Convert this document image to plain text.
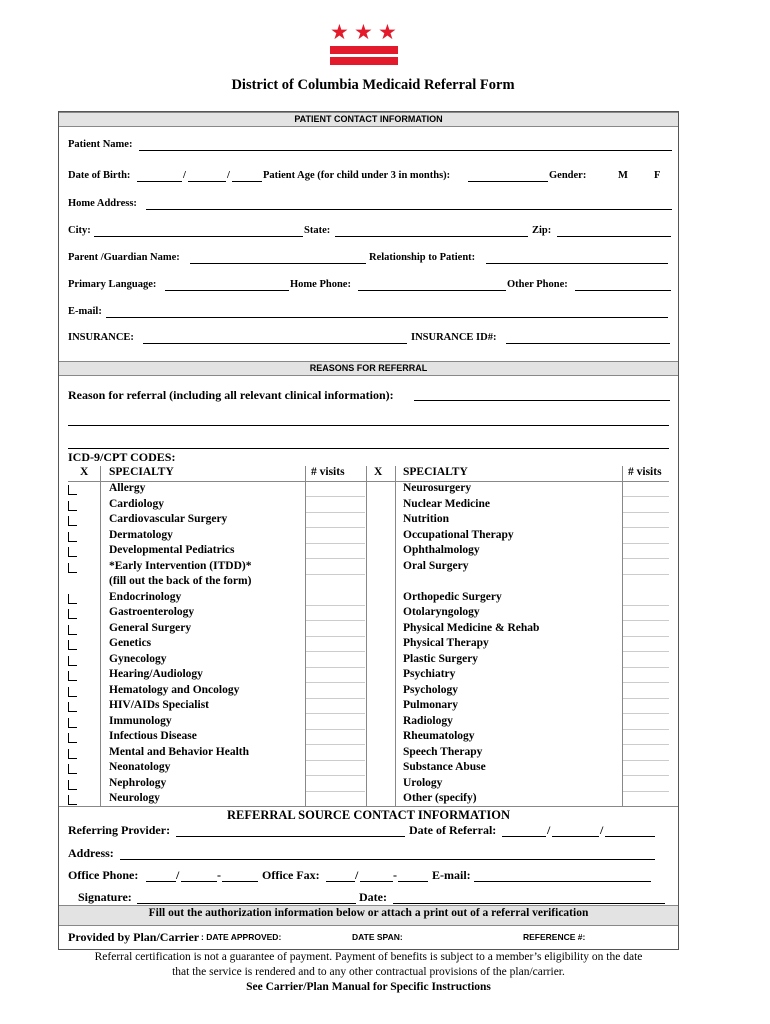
★ ★ ★
District of Columbia Medicaid Referral Form
PATIENT CONTACT INFORMATION
Patient Name:
Date of Birth:	/	/	Patient Age (for child under 3 in months):	Gender:	M F
Home Address:
City:	State:	Zip:
Parent /Guardian Name:	Relationship to Patient:
Primary Language:	Home Phone:	Other Phone:
E-mail:
INSURANCE:	INSURANCE ID#:
REASONS FOR REFERRAL
Reason for referral (including all relevant clinical information):
ICD-9/CPT CODES:
X SPECIALTY	# visits	X SPECIALTY	# visits
Allergy	Neurosurgery
Cardiology	Nuclear Medicine
Cardiovascular Surgery	Nutrition
Dermatology	Occupational Therapy
Developmental Pediatrics	Ophthalmology
*Early Intervention (ITDD)*	Oral Surgery
(fill out the back of the form)
Endocrinology	Orthopedic Surgery
Gastroenterology	Otolaryngology
General Surgery	Physical Medicine & Rehab
Genetics	Physical Therapy
Gynecology	Plastic Surgery
Hearing/Audiology	Psychiatry
Hematology and Oncology	Psychology
HIV/AIDs Specialist	Pulmonary
Immunology	Radiology
Infectious Disease	Rheumatology
Mental and Behavior Health	Speech Therapy
Neonatology	Substance Abuse
Nephrology	Urology
Neurology	Other (specify)
REFERRAL SOURCE CONTACT INFORMATION
Referring Provider:	Date of Referral:	/	/
Address:
Office Phone:	/	-	Office Fax:	/	-	E-mail:
Signature:	Date:
Fill out the authorization information below or attach a print out of a referral verification
Provided by Plan/Carrier : DATE APPROVED:	DATE SPAN:	REFERENCE #:
Referral certification is not a guarantee of payment. Payment of benefits is subject to a member’s eligibility on the date
that the service is rendered and to any other contractual provisions of the plan/carrier.
See Carrier/Plan Manual for Specific Instructions
